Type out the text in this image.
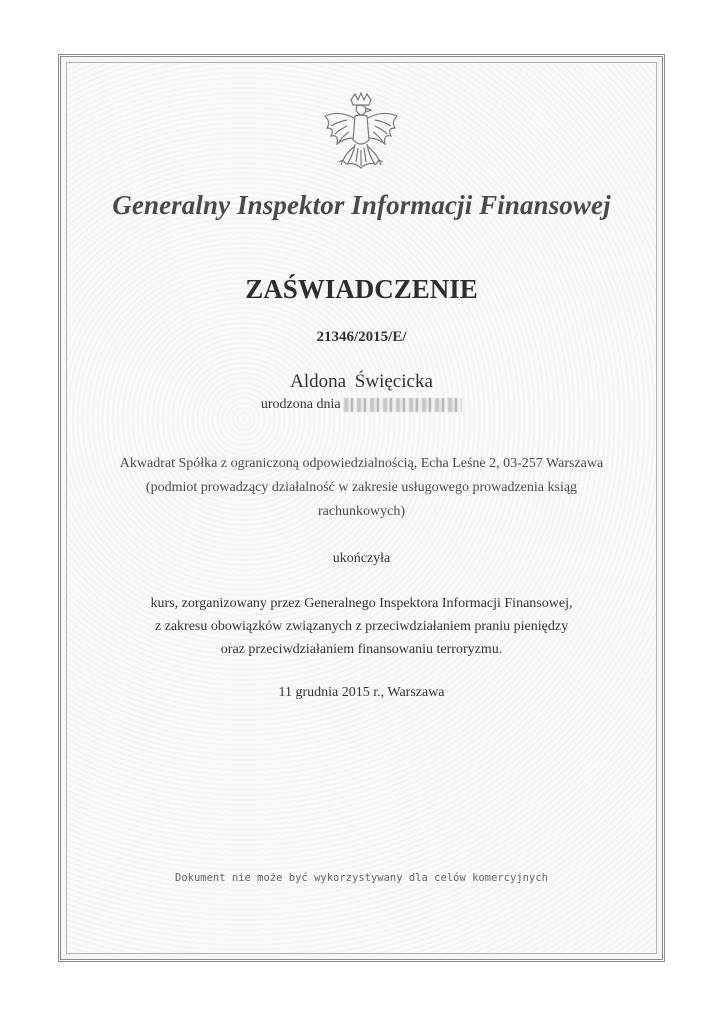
Generalny Inspektor Informacji Finansowej
ZAŚWIADCZENIE
21346/2015/E/
Aldona Święcicka
urodzona dnia
Akwadrat Spółka z ograniczoną odpowiedzialnością, Echa Leśne 2, 03-257 Warszawa
(podmiot prowadzący działalność w zakresie usługowego prowadzenia ksiąg
rachunkowych)
ukończyła
kurs, zorganizowany przez Generalnego Inspektora Informacji Finansowej,
z zakresu obowiązków związanych z przeciwdziałaniem praniu pieniędzy
oraz przeciwdziałaniem finansowaniu terroryzmu.
11 grudnia 2015 r., Warszawa
Dokument nie może być wykorzystywany dla celów komercyjnych
